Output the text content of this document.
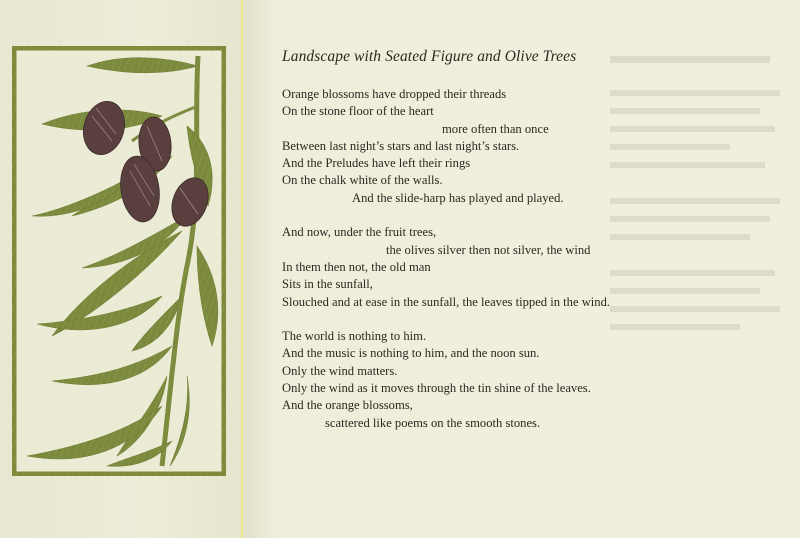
Landscape with Seated Figure and Olive Trees
Orange blossoms have dropped their threads
On the stone floor of the heart
more often than once
Between last night’s stars and last night’s stars.
And the Preludes have left their rings
On the chalk white of the walls.
And the slide-harp has played and played.
And now, under the fruit trees,
the olives silver then not silver, the wind
In them then not, the old man
Sits in the sunfall,
Slouched and at ease in the sunfall, the leaves tipped in the wind.
The world is nothing to him.
And the music is nothing to him, and the noon sun.
Only the wind matters.
Only the wind as it moves through the tin shine of the leaves.
And the orange blossoms,
scattered like poems on the smooth stones.
